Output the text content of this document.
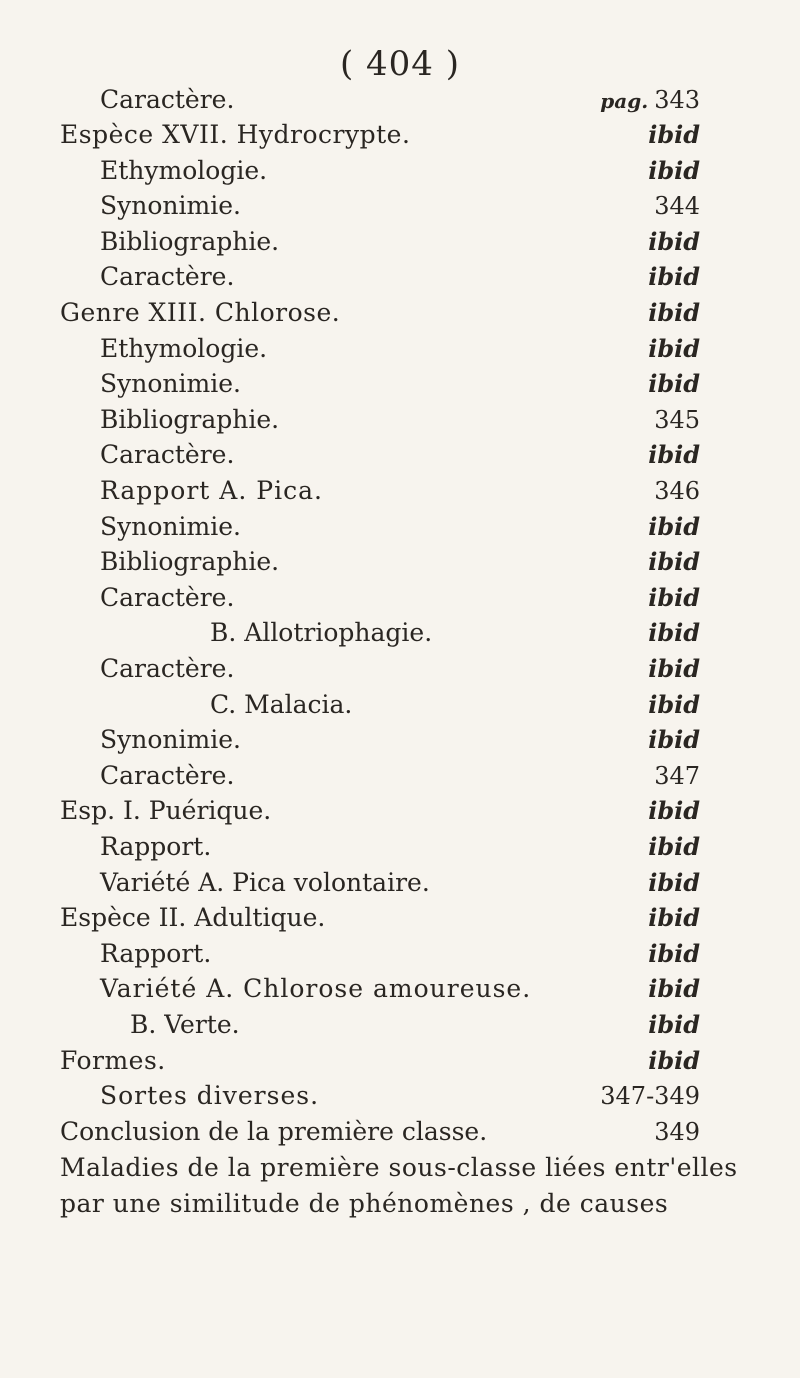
( 404 )
Caractère.	pag. 343
Espèce XVII. Hydrocrypte.	ibid
Ethymologie.	ibid
Synonimie.	344
Bibliographie.	ibid
Caractère.	ibid
Genre XIII. Chlorose.	ibid
Ethymologie.	ibid
Synonimie.	ibid
Bibliographie.	345
Caractère.	ibid
Rapport A. Pica.	346
Synonimie.	ibid
Bibliographie.	ibid
Caractère.	ibid
B. Allotriophagie.	ibid
Caractère.	ibid
C. Malacia.	ibid
Synonimie.	ibid
Caractère.	347
Esp. I. Puérique.	ibid
Rapport.	ibid
Variété A. Pica volontaire.	ibid
Espèce II. Adultique.	ibid
Rapport.	ibid
Variété A. Chlorose amoureuse.	ibid
B. Verte.	ibid
Formes.	ibid
Sortes diverses.	347-349
Conclusion de la première classe.	349
Maladies de la première sous-classe liées entr'elles
par une similitude de phénomènes , de causes
